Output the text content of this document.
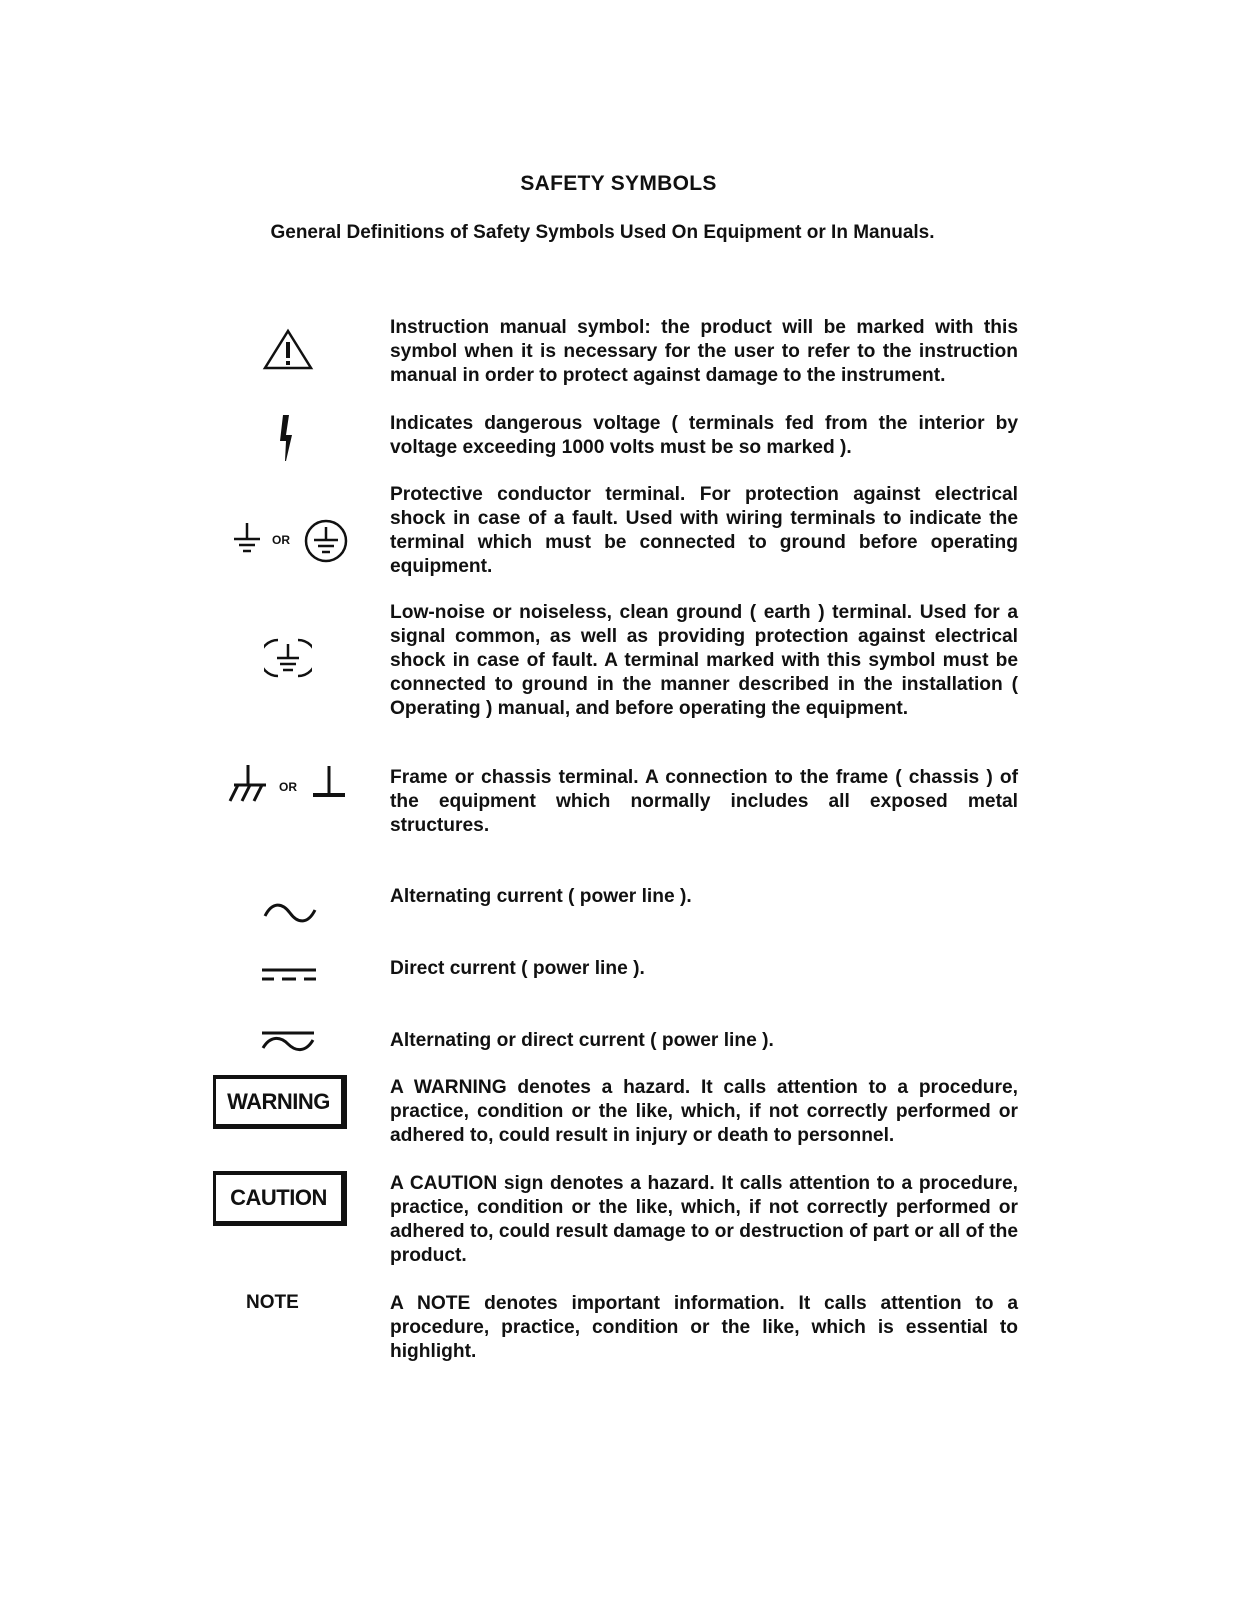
SAFETY SYMBOLS
General Definitions of Safety Symbols Used On Equipment or In Manuals.

Instruction manual symbol: the product will be marked with this symbol when it is necessary for the user to refer to the instruction manual in order to protect against damage to the instrument.

Indicates dangerous voltage ( terminals fed from the interior by voltage exceeding 1000 volts must be so marked ).

OR

Protective conductor terminal. For protection against electrical shock in case of a fault. Used with wiring terminals to indicate the terminal which must be connected to ground before operating equipment.

Low-noise or noiseless, clean ground ( earth ) terminal. Used for a signal common, as well as providing protection against electrical shock in case of fault. A terminal marked with this symbol must be connected to ground in the manner described in the installation ( Operating ) manual, and before operating the equipment.

OR	Frame or chassis terminal. A connection to the frame ( chassis ) of the equipment which normally includes all exposed metal structures.

Alternating current ( power line ).

Direct current ( power line ).

Alternating or direct current ( power line ).

WARNING

A WARNING denotes a hazard. It calls attention to a procedure, practice, condition or the like, which, if not correctly performed or adhered to, could result in injury or death to personnel.

CAUTION

A CAUTION sign denotes a hazard. It calls attention to a procedure, practice, condition or the like, which, if not correctly performed or adhered to, could result damage to or destruction of part or all of the product.

NOTE	A NOTE denotes important information. It calls attention to a procedure, practice, condition or the like, which is essential to highlight.
